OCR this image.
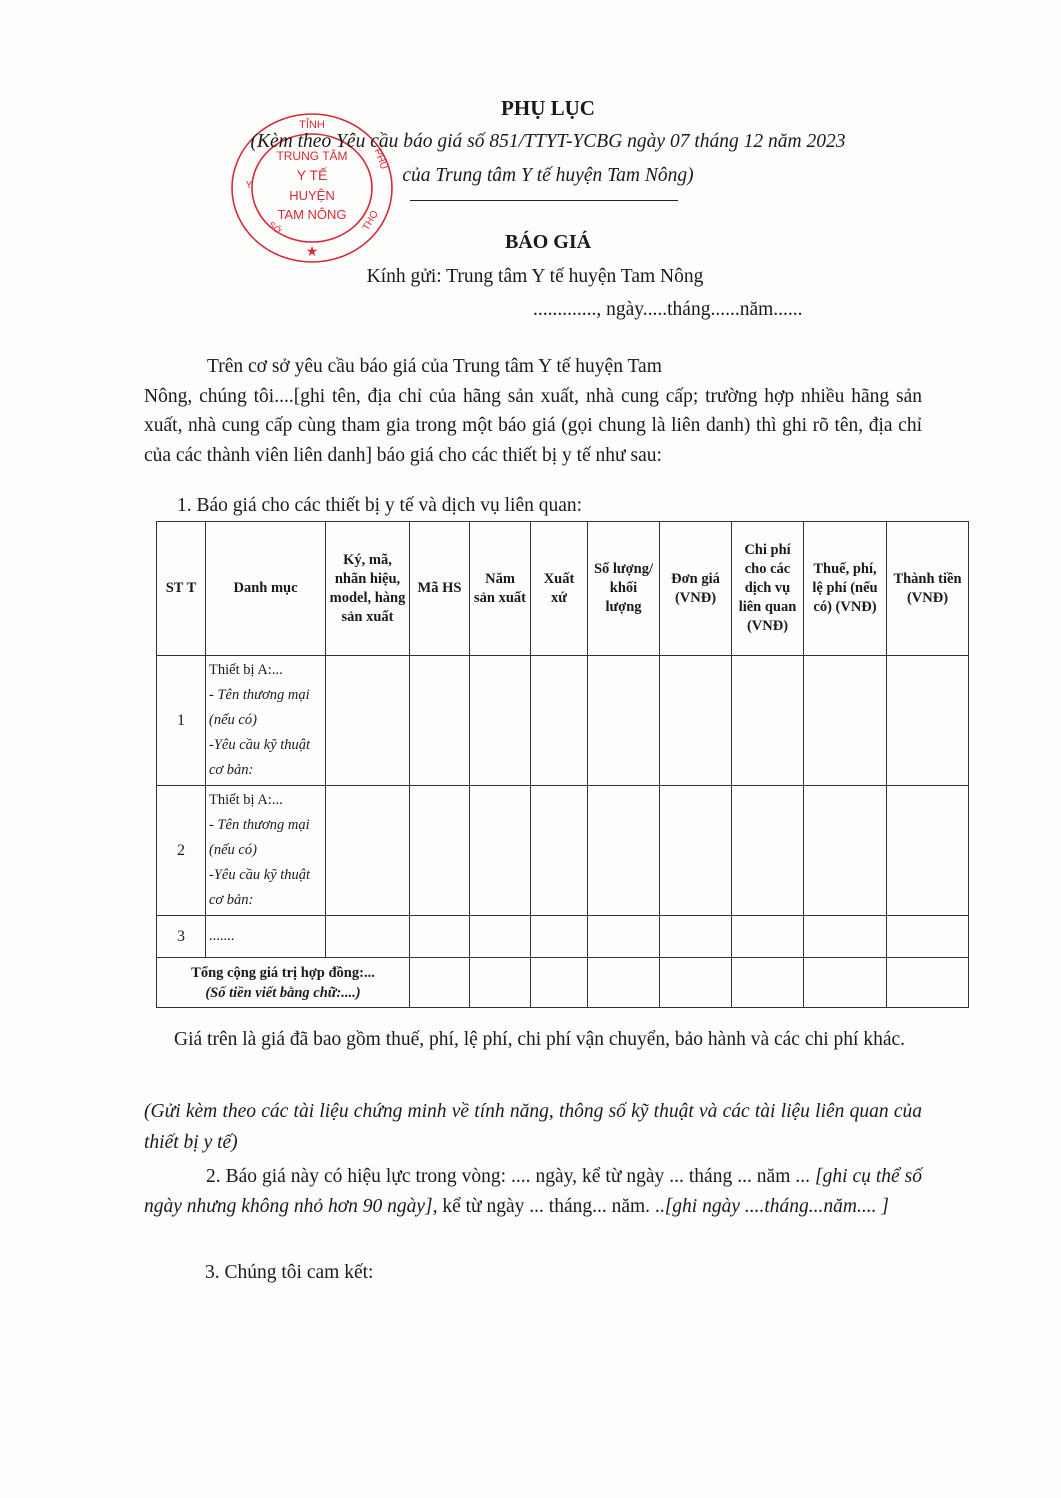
TỈNH
PHÚ
THỌ
Y
SỞ
TRUNG TÂM
Y TẾ
HUYỆN
TAM NÔNG
★
PHỤ LỤC
(Kèm theo Yêu cầu báo giá số 851/TTYT-YCBG ngày 07 tháng 12 năm 2023
của Trung tâm Y tế huyện Tam Nông)
BÁO GIÁ
Kính gửi: Trung tâm Y tế huyện Tam Nông
............., ngày.....tháng......năm......
Trên cơ sở yêu cầu báo giá của Trung tâm Y tế huyện Tam
Nông, chúng tôi....[ghi tên, địa chỉ của hãng sản xuất, nhà cung cấp; trường hợp nhiều hãng sản xuất, nhà cung cấp cùng tham gia trong một báo giá (gọi chung là liên danh) thì ghi rõ tên, địa chỉ của các thành viên liên danh] báo giá cho các thiết bị y tế như sau:
1. Báo giá cho các thiết bị y tế và dịch vụ liên quan:
ST T	Danh mục	Ký, mã, nhãn hiệu, model, hàng sản xuất	Mã HS	Năm sản xuất	Xuất xứ	Số lượng/ khối lượng	Đơn giá (VNĐ)	Chi phí cho các dịch vụ liên quan (VNĐ)	Thuế, phí, lệ phí (nếu có) (VNĐ)	Thành tiền (VNĐ)
1	Thiết bị A:...
- Tên thương mại (nếu có)
-Yêu cầu kỹ thuật cơ bản:									

2	Thiết bị A:...
- Tên thương mại (nếu có)
-Yêu cầu kỹ thuật cơ bản:									

3	.......									

Tổng cộng giá trị hợp đồng:...
(Số tiền viết bằng chữ:....)										

Giá trên là giá đã bao gồm thuế, phí, lệ phí, chi phí vận chuyển, bảo hành và các chi phí khác.
(Gửi kèm theo các tài liệu chứng minh về tính năng, thông số kỹ thuật và các tài liệu liên quan của thiết bị y tế)
2. Báo giá này có hiệu lực trong vòng: .... ngày, kể từ ngày ... tháng ... năm ... [ghi cụ thể số ngày nhưng không nhỏ hơn 90 ngày], kể từ ngày ... tháng... năm. ..[ghi ngày ....tháng...năm.... ]
3. Chúng tôi cam kết:
